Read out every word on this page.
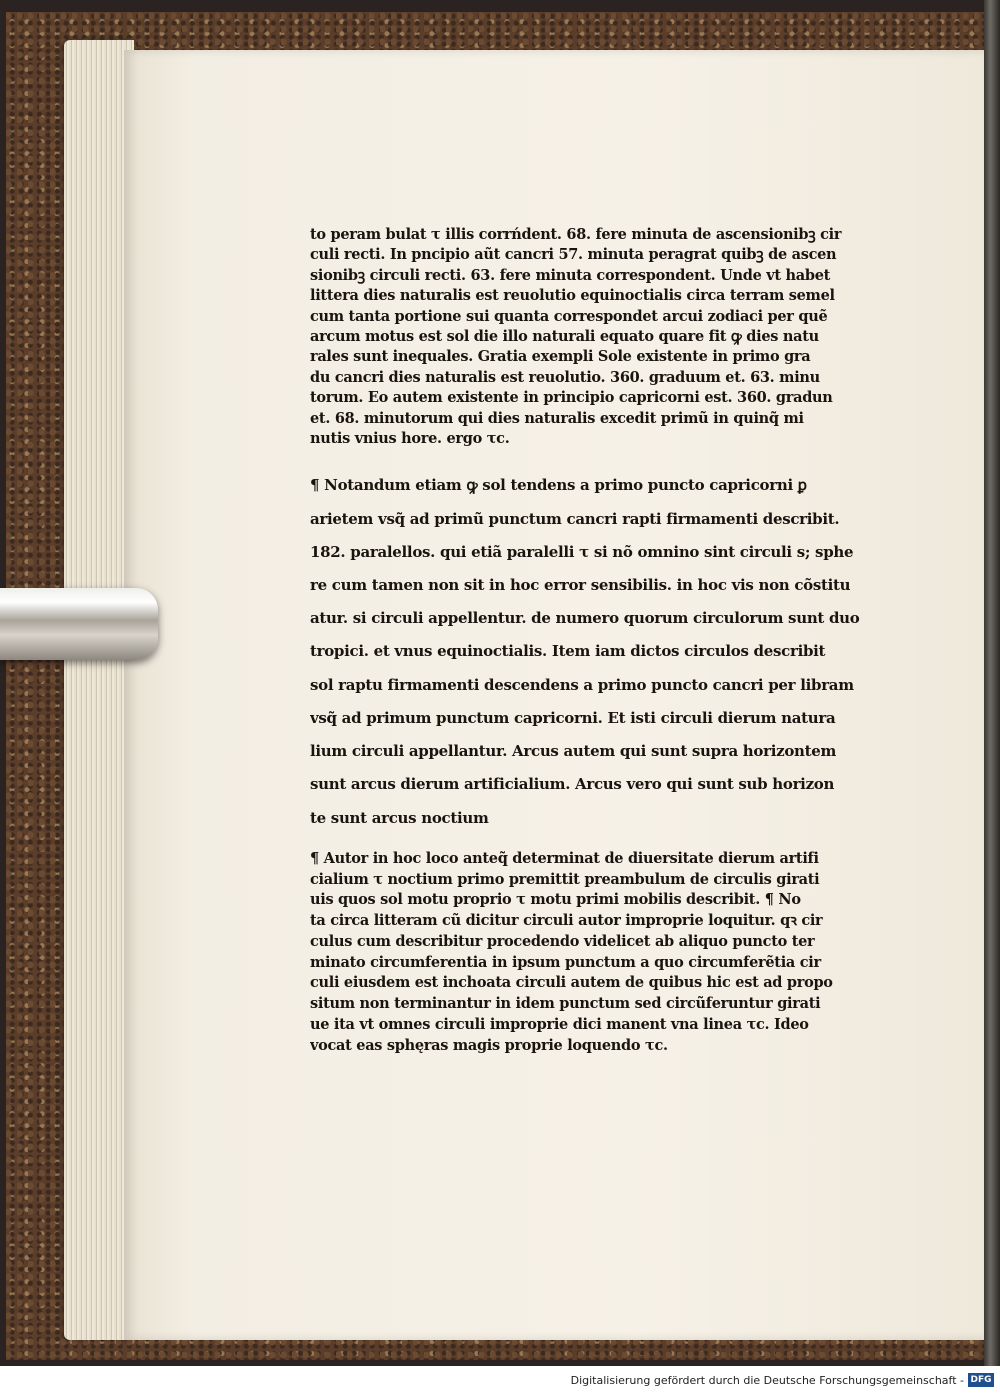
to peram bulat τ illis corrńdent. 68. fere minuta de ascensionibꝫ cir
culi recti. In pncipio aũt cancri 57. minuta peragrat quibꝫ de ascen
sionibꝫ circuli recti. 63. fere minuta correspondent. Unde vt habet
littera dies naturalis est reuolutio equinoctialis circa terram semel
cum tanta portione sui quanta correspondet arcui zodiaci per quẽ
arcum motus est sol die illo naturali equato quare fit ꝙ dies natu
rales sunt inequales. Gratia exempli Sole existente in primo gra
du cancri dies naturalis est reuolutio. 360. graduum et. 63. minu
torum. Eo autem existente in principio capricorni est. 360. gradun
et. 68. minutorum qui dies naturalis excedit primũ in quinq̃ mi
nutis vnius hore. ergo τc.
¶ Notandum etiam ꝙ sol tendens a primo puncto capricorni ꝑ
arietem vsq̃ ad primũ punctum cancri rapti firmamenti describit.
182. paralellos. qui etiã paralelli τ si nõ omnino sint circuli s; sphe
re cum tamen non sit in hoc error sensibilis. in hoc vis non cõstitu
atur. si circuli appellentur. de numero quorum circulorum sunt duo
tropici. et vnus equinoctialis. Item iam dictos circulos describit
sol raptu firmamenti descendens a primo puncto cancri per libram
vsq̃ ad primum punctum capricorni. Et isti circuli dierum natura
lium circuli appellantur. Arcus autem qui sunt supra horizontem
sunt arcus dierum artificialium. Arcus vero qui sunt sub horizon
te sunt arcus noctium
¶ Autor in hoc loco anteq̃ determinat de diuersitate dierum artifi
cialium τ noctium primo premittit preambulum de circulis girati
uis quos sol motu proprio τ motu primi mobilis describit. ¶ No
ta circa litteram cũ dicitur circuli autor improprie loquitur. qꝛ cir
culus cum describitur procedendo videlicet ab aliquo puncto ter
minato circumferentia in ipsum punctum a quo circumferẽtia cir
culi eiusdem est inchoata circuli autem de quibus hic est ad propo
situm non terminantur in idem punctum sed circũferuntur girati
ue ita vt omnes circuli improprie dici manent vna linea τc. Ideo
vocat eas sphęras magis proprie loquendo τc.
Digitalisierung gefördert durch die Deutsche Forschungsgemeinschaft - DFG
